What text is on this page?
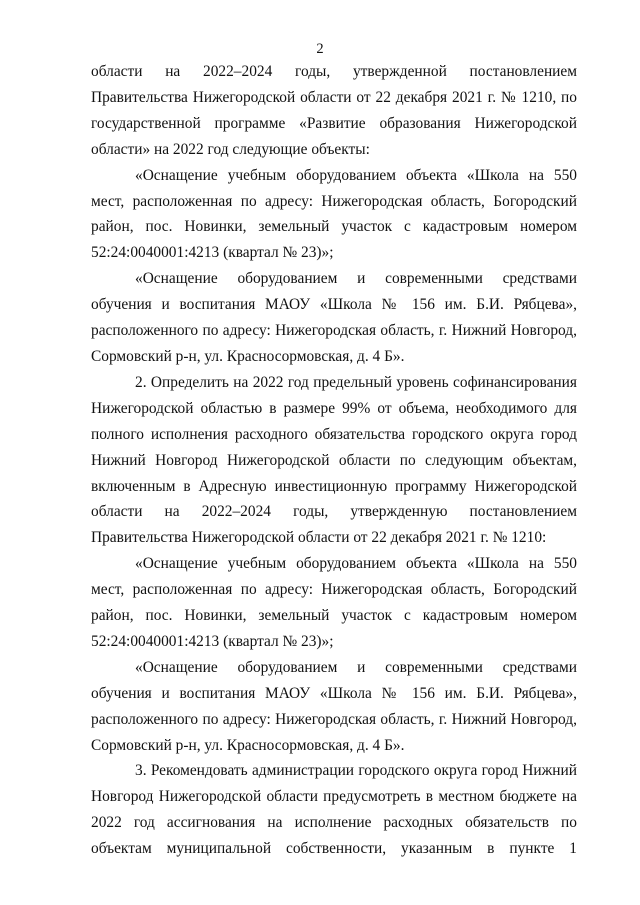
2

области на 2022–2024 годы, утвержденной постановлением Правительства Нижегородской области от 22 декабря 2021 г. № 1210, по государственной программе «Развитие образования Нижегородской области» на 2022 год следующие объекты:

«Оснащение учебным оборудованием объекта «Школа на 550 мест, расположенная по адресу: Нижегородская область, Богородский район, пос. Новинки, земельный участок с кадастровым номером 52:24:0040001:4213 (квартал № 23)»;

«Оснащение оборудованием и современными средствами обучения и воспитания МАОУ «Школа № 156 им. Б.И. Рябцева», расположенного по адресу: Нижегородская область, г. Нижний Новгород, Сормовский р-н, ул. Красносормовская, д. 4 Б».

2. Определить на 2022 год предельный уровень софинансирования Нижегородской областью в размере 99% от объема, необходимого для полного исполнения расходного обязательства городского округа город Нижний Новгород Нижегородской области по следующим объектам, включенным в Адресную инвестиционную программу Нижегородской области на 2022–2024 годы, утвержденную постановлением Правительства Нижегородской области от 22 декабря 2021 г. № 1210:

«Оснащение учебным оборудованием объекта «Школа на 550 мест, расположенная по адресу: Нижегородская область, Богородский район, пос. Новинки, земельный участок с кадастровым номером 52:24:0040001:4213 (квартал № 23)»;

«Оснащение оборудованием и современными средствами обучения и воспитания МАОУ «Школа № 156 им. Б.И. Рябцева», расположенного по адресу: Нижегородская область, г. Нижний Новгород, Сормовский р-н, ул. Красносормовская, д. 4 Б».

3. Рекомендовать администрации городского округа город Нижний Новгород Нижегородской области предусмотреть в местном бюджете на 2022 год ассигнования на исполнение расходных обязательств по объектам муниципальной собственности, указанным в пункте 1
